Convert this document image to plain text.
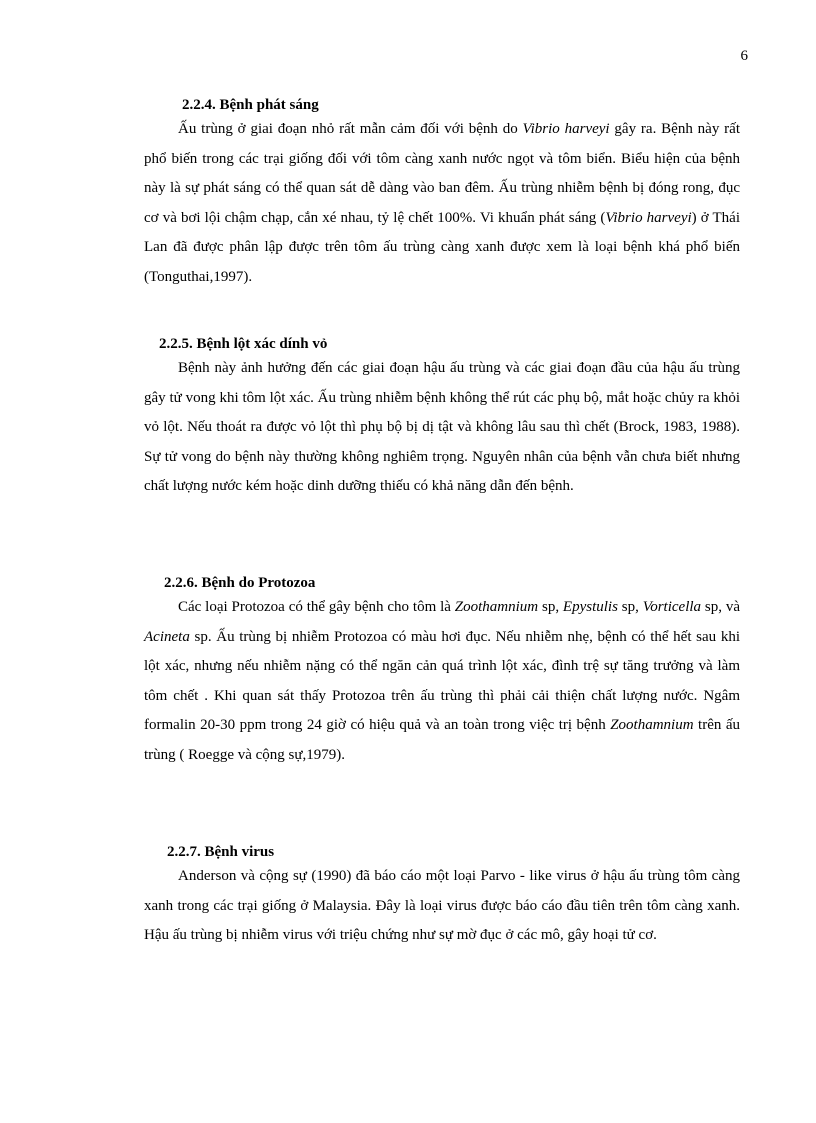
6

2.2.4. Bệnh phát sáng

Ấu trùng ở giai đoạn nhỏ rất mẫn cảm đối với bệnh do Vibrio harveyi gây ra. Bệnh này rất phổ biến trong các trại giống đối với tôm càng xanh nước ngọt và tôm biển. Biểu hiện của bệnh này là sự phát sáng có thể quan sát dễ dàng vào ban đêm. Ấu trùng nhiễm bệnh bị đóng rong, đục cơ và bơi lội chậm chạp, cắn xé nhau, tỷ lệ chết 100%. Vi khuẩn phát sáng (Vibrio harveyi) ở Thái Lan đã được phân lập được trên tôm ấu trùng càng xanh được xem là loại bệnh khá phổ biến (Tonguthai,1997).

2.2.5. Bệnh lột xác dính vỏ

Bệnh này ảnh hưởng đến các giai đoạn hậu ấu trùng và các giai đoạn đầu của hậu ấu trùng gây tử vong khi tôm lột xác. Ấu trùng nhiễm bệnh không thể rút các phụ bộ, mắt hoặc chủy ra khỏi vỏ lột. Nếu thoát ra được vỏ lột thì phụ bộ bị dị tật và không lâu sau thì chết (Brock, 1983, 1988). Sự tử vong do bệnh này thường không nghiêm trọng. Nguyên nhân của bệnh vẫn chưa biết nhưng chất lượng nước kém hoặc dinh dưỡng thiếu có khả năng dẫn đến bệnh.

2.2.6. Bệnh do Protozoa

Các loại Protozoa có thể gây bệnh cho tôm là Zoothamnium sp, Epystulis sp, Vorticella sp, và Acineta sp. Ấu trùng bị nhiễm Protozoa có màu hơi đục. Nếu nhiễm nhẹ, bệnh có thể hết sau khi lột xác, nhưng nếu nhiễm nặng có thể ngăn cản quá trình lột xác, đình trệ sự tăng trưởng và làm tôm chết . Khi quan sát thấy Protozoa trên ấu trùng thì phải cải thiện chất lượng nước. Ngâm formalin 20-30 ppm trong 24 giờ có hiệu quả và an toàn trong việc trị bệnh Zoothamnium trên ấu trùng ( Roegge và cộng sự,1979).

2.2.7. Bệnh virus

Anderson và cộng sự (1990) đã báo cáo một loại Parvo - like virus ở hậu ấu trùng tôm càng xanh trong các trại giống ở Malaysia. Đây là loại virus được báo cáo đầu tiên trên tôm càng xanh. Hậu ấu trùng bị nhiễm virus với triệu chứng như sự mờ đục ở các mô, gây hoại tử cơ.
